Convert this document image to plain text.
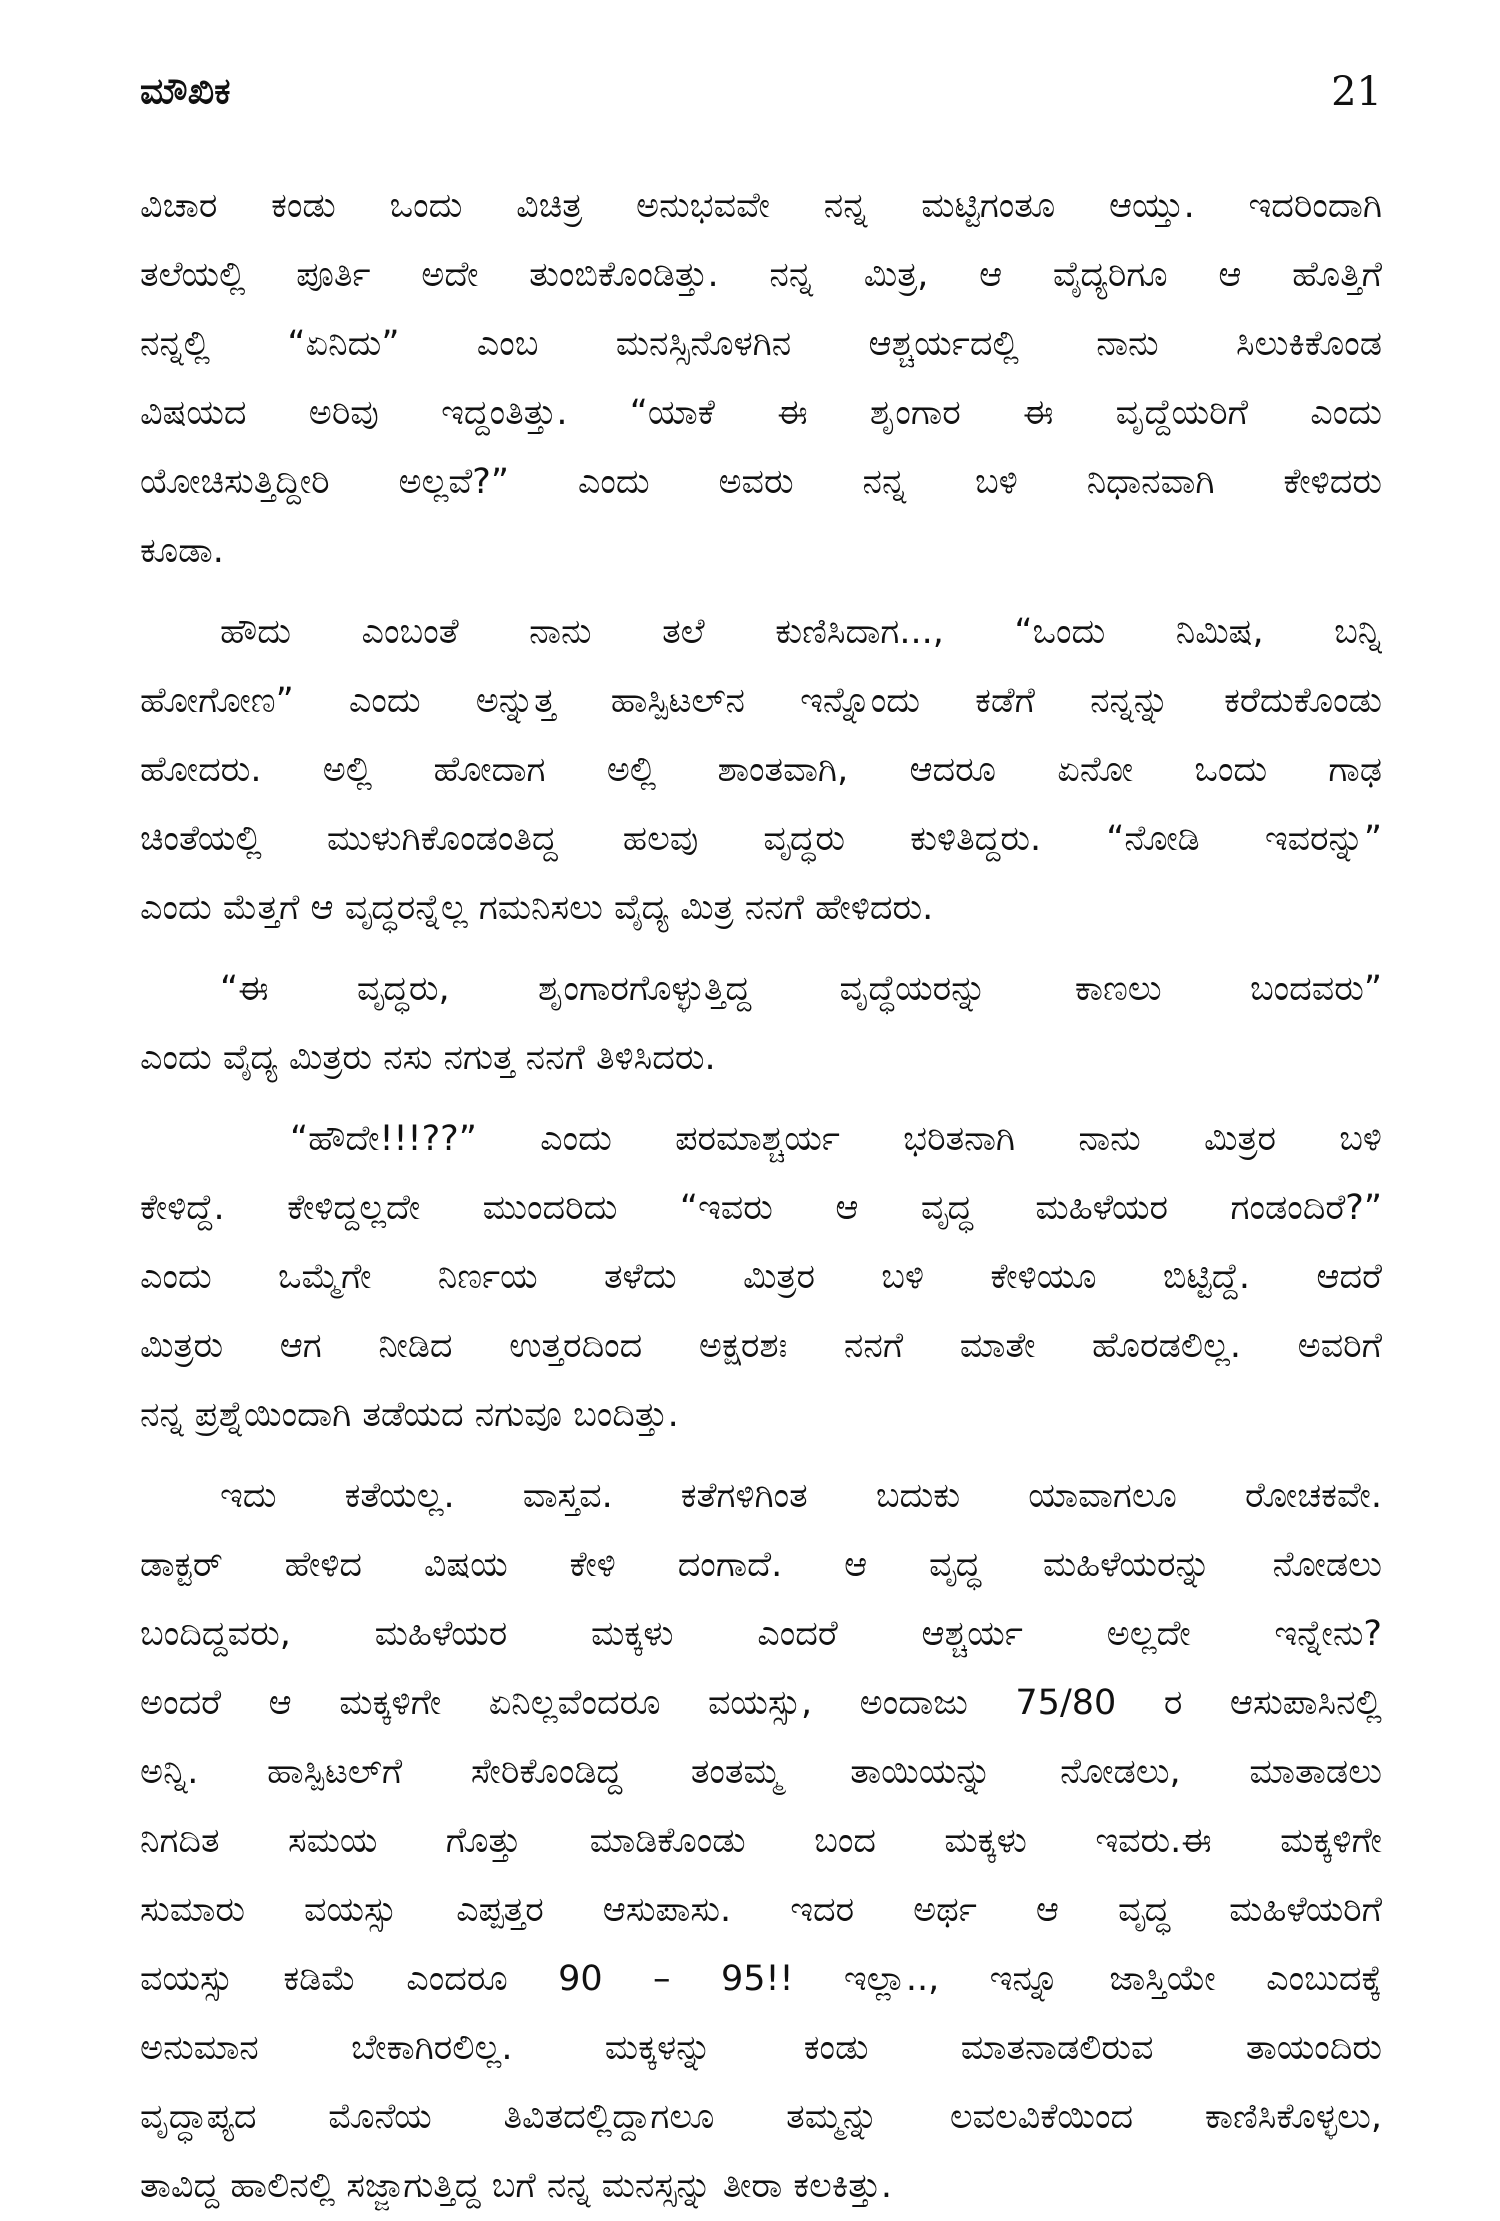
ಮೌಖಿಕ	21
ವಿಚಾರ ಕಂಡು ಒಂದು ವಿಚಿತ್ರ ಅನುಭವವೇ ನನ್ನ ಮಟ್ಟಿಗಂತೂ ಆಯ್ತು. ಇದರಿಂದಾಗಿ
ತಲೆಯಲ್ಲಿ ಪೂರ್ತಿ ಅದೇ ತುಂಬಿಕೊಂಡಿತ್ತು. ನನ್ನ ಮಿತ್ರ, ಆ ವೈದ್ಯರಿಗೂ ಆ ಹೊತ್ತಿಗೆ
ನನ್ನಲ್ಲಿ “ಏನಿದು” ಎಂಬ ಮನಸ್ಸಿನೊಳಗಿನ ಆಶ್ಚರ್ಯದಲ್ಲಿ ನಾನು ಸಿಲುಕಿಕೊಂಡ
ವಿಷಯದ ಅರಿವು ಇದ್ದಂತಿತ್ತು. “ಯಾಕೆ ಈ ಶೃಂಗಾರ ಈ ವೃದ್ದೆಯರಿಗೆ ಎಂದು
ಯೋಚಿಸುತ್ತಿದ್ದೀರಿ ಅಲ್ಲವೆ?” ಎಂದು ಅವರು ನನ್ನ ಬಳಿ ನಿಧಾನವಾಗಿ ಕೇಳಿದರು
ಕೂಡಾ.
ಹೌದು ಎಂಬಂತೆ ನಾನು ತಲೆ ಕುಣಿಸಿದಾಗ..., “ಒಂದು ನಿಮಿಷ, ಬನ್ನಿ
ಹೋಗೋಣ” ಎಂದು ಅನ್ನುತ್ತ ಹಾಸ್ಪಿಟಲ್‌ನ ಇನ್ನೊಂದು ಕಡೆಗೆ ನನ್ನನ್ನು ಕರೆದುಕೊಂಡು
ಹೋದರು. ಅಲ್ಲಿ ಹೋದಾಗ ಅಲ್ಲಿ ಶಾಂತವಾಗಿ, ಆದರೂ ಏನೋ ಒಂದು ಗಾಢ
ಚಿಂತೆಯಲ್ಲಿ ಮುಳುಗಿಕೊಂಡಂತಿದ್ದ ಹಲವು ವೃದ್ಧರು ಕುಳಿತಿದ್ದರು. “ನೋಡಿ ಇವರನ್ನು”
ಎಂದು ಮೆತ್ತಗೆ ಆ ವೃದ್ಧರನ್ನೆಲ್ಲ ಗಮನಿಸಲು ವೈದ್ಯ ಮಿತ್ರ ನನಗೆ ಹೇಳಿದರು.
“ಈ ವೃದ್ಧರು, ಶೃಂಗಾರಗೊಳ್ಳುತ್ತಿದ್ದ ವೃದ್ಧೆಯರನ್ನು ಕಾಣಲು ಬಂದವರು”
ಎಂದು ವೈದ್ಯ ಮಿತ್ರರು ನಸು ನಗುತ್ತ ನನಗೆ ತಿಳಿಸಿದರು.
“ಹೌದೇ!!!??” ಎಂದು ಪರಮಾಶ್ಚರ್ಯ ಭರಿತನಾಗಿ ನಾನು ಮಿತ್ರರ ಬಳಿ
ಕೇಳಿದ್ದೆ. ಕೇಳಿದ್ದಲ್ಲದೇ ಮುಂದರಿದು “ಇವರು ಆ ವೃದ್ಧ ಮಹಿಳೆಯರ ಗಂಡಂದಿರೆ?”
ಎಂದು ಒಮ್ಮೆಗೇ ನಿರ್ಣಯ ತಳೆದು ಮಿತ್ರರ ಬಳಿ ಕೇಳಿಯೂ ಬಿಟ್ಟಿದ್ದೆ. ಆದರೆ
ಮಿತ್ರರು ಆಗ ನೀಡಿದ ಉತ್ತರದಿಂದ ಅಕ್ಷರಶಃ ನನಗೆ ಮಾತೇ ಹೊರಡಲಿಲ್ಲ. ಅವರಿಗೆ
ನನ್ನ ಪ್ರಶ್ನೆಯಿಂದಾಗಿ ತಡೆಯದ ನಗುವೂ ಬಂದಿತ್ತು.
ಇದು ಕತೆಯಲ್ಲ. ವಾಸ್ತವ. ಕತೆಗಳಿಗಿಂತ ಬದುಕು ಯಾವಾಗಲೂ ರೋಚಕವೇ.
ಡಾಕ್ಟರ್ ಹೇಳಿದ ವಿಷಯ ಕೇಳಿ ದಂಗಾದೆ. ಆ ವೃದ್ಧ ಮಹಿಳೆಯರನ್ನು ನೋಡಲು
ಬಂದಿದ್ದವರು, ಮಹಿಳೆಯರ ಮಕ್ಕಳು ಎಂದರೆ ಆಶ್ಚರ್ಯ ಅಲ್ಲದೇ ಇನ್ನೇನು?
ಅಂದರೆ ಆ ಮಕ್ಕಳಿಗೇ ಏನಿಲ್ಲವೆಂದರೂ ವಯಸ್ಸು, ಅಂದಾಜು 75/80 ರ ಆಸುಪಾಸಿನಲ್ಲಿ
ಅನ್ನಿ. ಹಾಸ್ಪಿಟಲ್‌ಗೆ ಸೇರಿಕೊಂಡಿದ್ದ ತಂತಮ್ಮ ತಾಯಿಯನ್ನು ನೋಡಲು, ಮಾತಾಡಲು
ನಿಗದಿತ ಸಮಯ ಗೊತ್ತು ಮಾಡಿಕೊಂಡು ಬಂದ ಮಕ್ಕಳು ಇವರು.ಈ ಮಕ್ಕಳಿಗೇ
ಸುಮಾರು ವಯಸ್ಸು ಎಪ್ಪತ್ತರ ಆಸುಪಾಸು. ಇದರ ಅರ್ಥ ಆ ವೃದ್ಧ ಮಹಿಳೆಯರಿಗೆ
ವಯಸ್ಸು ಕಡಿಮೆ ಎಂದರೂ 90 – 95!! ಇಲ್ಲಾ.., ಇನ್ನೂ ಜಾಸ್ತಿಯೇ ಎಂಬುದಕ್ಕೆ
ಅನುಮಾನ ಬೇಕಾಗಿರಲಿಲ್ಲ. ಮಕ್ಕಳನ್ನು ಕಂಡು ಮಾತನಾಡಲಿರುವ ತಾಯಂದಿರು
ವೃದ್ಧಾಪ್ಯದ ಮೊನೆಯ ತಿವಿತದಲ್ಲಿದ್ದಾಗಲೂ ತಮ್ಮನ್ನು ಲವಲವಿಕೆಯಿಂದ ಕಾಣಿಸಿಕೊಳ್ಳಲು,
ತಾವಿದ್ದ ಹಾಲಿನಲ್ಲಿ ಸಜ್ಜಾಗುತ್ತಿದ್ದ ಬಗೆ ನನ್ನ ಮನಸ್ಸನ್ನು ತೀರಾ ಕಲಕಿತ್ತು.
